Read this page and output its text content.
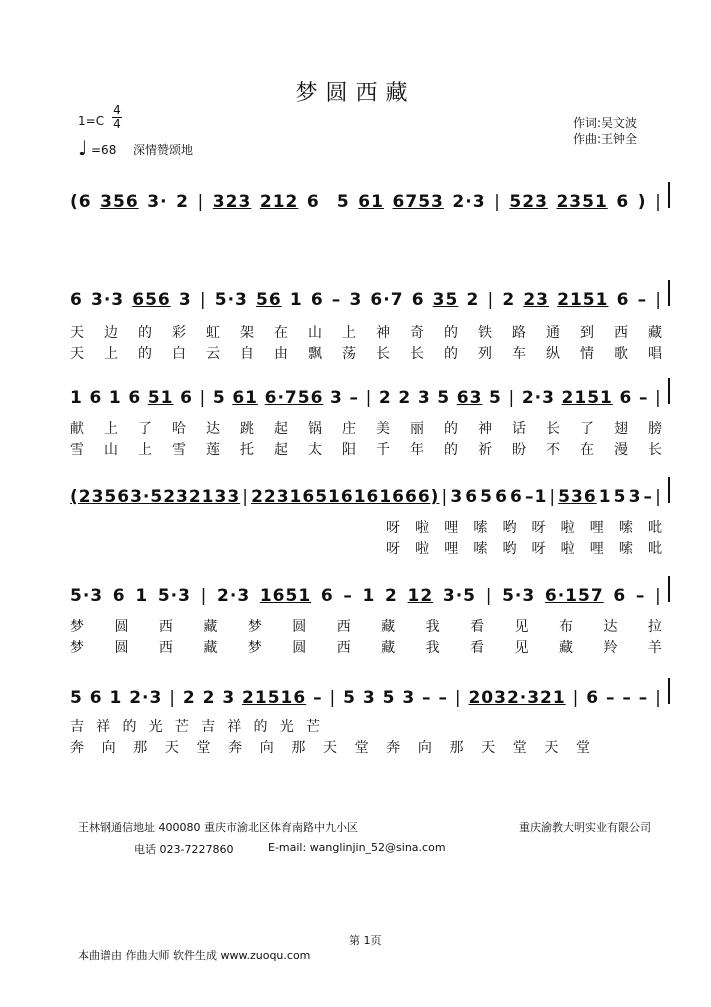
梦圆西藏
1=C
4
4
♩ =68 深情赞颂地
作词:吴文波
作曲:王钟全
(6 356 3· 2 | 323 212 6 5 61 6753 2·3 | 523 2351 6 ) |
6 3·3 656 3 | 5·3 56 1 6 – 3 6·7 6 35 2 | 2 23 2151 6 – |
天 边 的 彩 虹 架 在 山 上 神 奇 的 铁 路 通 到 西 藏
天 上 的 白 云 自 由 飘 荡 长 长 的 列 车 纵 情 歌 唱
1 6 1 6 51 6 | 5 61 6·756 3 – | 2 2 3 5 63 5 | 2·3 2151 6 – |
献 上 了 哈 达 跳 起 锅 庄 美 丽 的 神 话 长 了 翅 膀
雪 山 上 雪 莲 托 起 太 阳 千 年 的 祈 盼 不 在 漫 长
(23563·5232133 | 22316516161666) | 3 6 5 6 6 –1 | 536 1 5 3 – |
呀 啦 哩 嗦 哟 呀 啦 哩 嗦 吡
呀 啦 哩 嗦 哟 呀 啦 哩 嗦 吡
5·3 6 1 5·3 | 2·3 1651 6 – 1 2 12 3·5 | 5·3 6·157 6 – |
梦 圆 西 藏 梦 圆 西 藏 我 看 见 布 达 拉
梦 圆 西 藏 梦 圆 西 藏 我 看 见 藏 羚 羊
5 6 1 2·3 | 2 2 3 21516 – | 5 3 5 3 – – | 2032·321 | 6 – – – |
吉 祥 的 光 芒 吉 祥 的 光 芒
奔 向 那 天 堂 奔 向 那 天 堂 奔 向 那 天 堂 天 堂
王林钢通信地址 400080 重庆市渝北区体育南路中九小区	重庆渝教大明实业有限公司
电话 023-7227860	E-mail: wanglinjin_52@sina.com
第 1页
本曲谱由 作曲大师 软件生成 www.zuoqu.com
